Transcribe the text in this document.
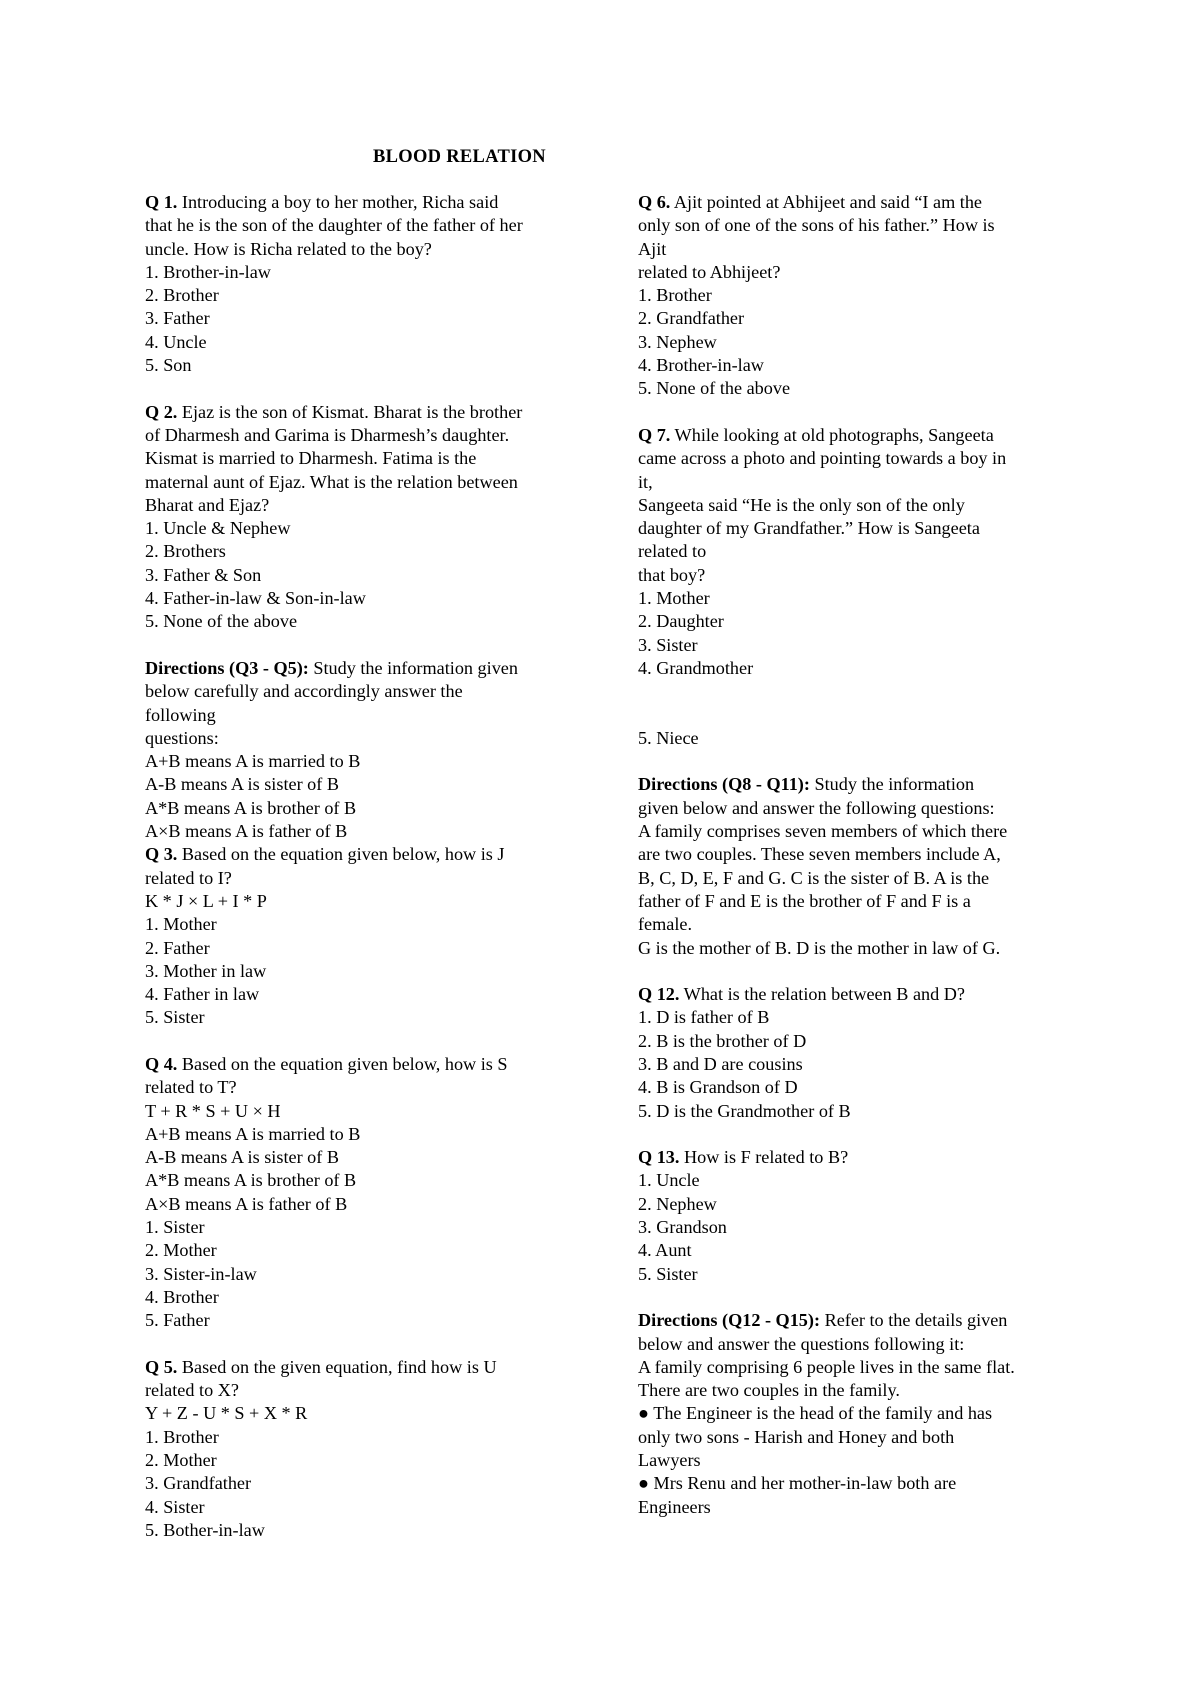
BLOOD RELATION
Q 1. Introducing a boy to her mother, Richa said
that he is the son of the daughter of the father of her
uncle. How is Richa related to the boy?
1. Brother-in-law
2. Brother
3. Father
4. Uncle
5. Son
Q 2. Ejaz is the son of Kismat. Bharat is the brother
of Dharmesh and Garima is Dharmesh’s daughter.
Kismat is married to Dharmesh. Fatima is the
maternal aunt of Ejaz. What is the relation between
Bharat and Ejaz?
1. Uncle & Nephew
2. Brothers
3. Father & Son
4. Father-in-law & Son-in-law
5. None of the above
Directions (Q3 - Q5): Study the information given
below carefully and accordingly answer the
following
questions:
A+B means A is married to B
A-B means A is sister of B
A*B means A is brother of B
A×B means A is father of B
Q 3. Based on the equation given below, how is J
related to I?
K * J × L + I * P
1. Mother
2. Father
3. Mother in law
4. Father in law
5. Sister
Q 4. Based on the equation given below, how is S
related to T?
T + R * S + U × H
A+B means A is married to B
A-B means A is sister of B
A*B means A is brother of B
A×B means A is father of B
1. Sister
2. Mother
3. Sister-in-law
4. Brother
5. Father
Q 5. Based on the given equation, find how is U
related to X?
Y + Z - U * S + X * R
1. Brother
2. Mother
3. Grandfather
4. Sister
5. Bother-in-law
Q 6. Ajit pointed at Abhijeet and said “I am the
only son of one of the sons of his father.” How is
Ajit
related to Abhijeet?
1. Brother
2. Grandfather
3. Nephew
4. Brother-in-law
5. None of the above
Q 7. While looking at old photographs, Sangeeta
came across a photo and pointing towards a boy in
it,
Sangeeta said “He is the only son of the only
daughter of my Grandfather.” How is Sangeeta
related to
that boy?
1. Mother
2. Daughter
3. Sister
4. Grandmother
5. Niece
Directions (Q8 - Q11): Study the information
given below and answer the following questions:
A family comprises seven members of which there
are two couples. These seven members include A,
B, C, D, E, F and G. C is the sister of B. A is the
father of F and E is the brother of F and F is a
female.
G is the mother of B. D is the mother in law of G.
Q 12. What is the relation between B and D?
1. D is father of B
2. B is the brother of D
3. B and D are cousins
4. B is Grandson of D
5. D is the Grandmother of B
Q 13. How is F related to B?
1. Uncle
2. Nephew
3. Grandson
4. Aunt
5. Sister
Directions (Q12 - Q15): Refer to the details given
below and answer the questions following it:
A family comprising 6 people lives in the same flat.
There are two couples in the family.
● The Engineer is the head of the family and has
only two sons - Harish and Honey and both
Lawyers
● Mrs Renu and her mother-in-law both are
Engineers
